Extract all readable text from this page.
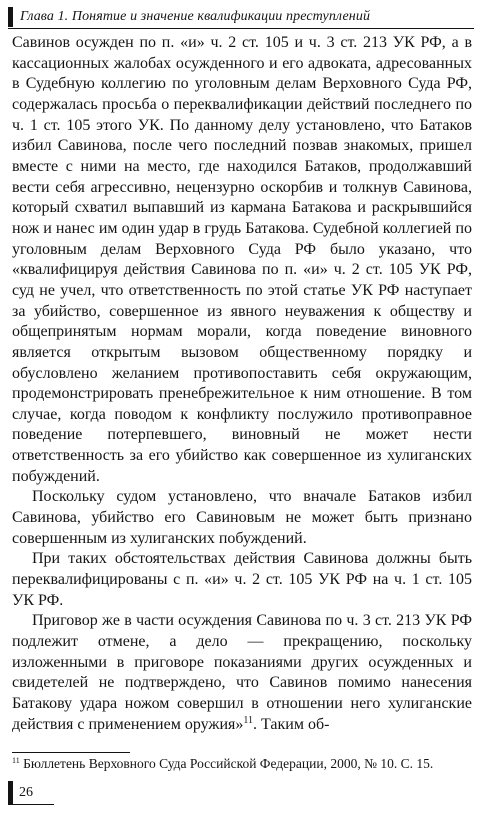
Глава 1. Понятие и значение квалификации преступлений

Савинов осужден по п. «и» ч. 2 ст. 105 и ч. 3 ст. 213 УК РФ, а в кассационных жалобах осужденного и его адвоката, адресованных в Судебную коллегию по уголовным делам Верховного Суда РФ, содержалась просьба о переквалификации действий последнего по ч. 1 ст. 105 этого УК. По данному делу установлено, что Батаков избил Савинова, после чего последний позвав знакомых, пришел вместе с ними на место, где находился Батаков, продолжавший вести себя агрессивно, нецензурно оскорбив и толкнув Савинова, который схватил выпавший из кармана Батакова и раскрывшийся нож и нанес им один удар в грудь Батакова. Судебной коллегией по уголовным делам Верховного Суда РФ было указано, что «квалифицируя действия Савинова по п. «и» ч. 2 ст. 105 УК РФ, суд не учел, что ответственность по этой статье УК РФ наступает за убийство, совершенное из явного неуважения к обществу и общепринятым нормам морали, когда поведение виновного является открытым вызовом общественному порядку и обусловлено желанием противопоставить себя окружающим, продемонстрировать пренебрежительное к ним отношение. В том случае, когда поводом к конфликту послужило противоправное поведение потерпевшего, виновный не может нести ответственность за его убийство как совершенное из хулиганских побуждений.

Поскольку судом установлено, что вначале Батаков избил Савинова, убийство его Савиновым не может быть признано совершенным из хулиганских побуждений.

При таких обстоятельствах действия Савинова должны быть переквалифицированы с п. «и» ч. 2 ст. 105 УК РФ на ч. 1 ст. 105 УК РФ.

Приговор же в части осуждения Савинова по ч. 3 ст. 213 УК РФ подлежит отмене, а дело — прекращению, поскольку изложенными в приговоре показаниями других осужденных и свидетелей не подтверждено, что Савинов помимо нанесения Батакову удара ножом совершил в отношении него хулиганские действия с применением оружия»$^{11}$. Таким об-

$^{11}$ Бюллетень Верховного Суда Российской Федерации, 2000, № 10. С. 15.
26
